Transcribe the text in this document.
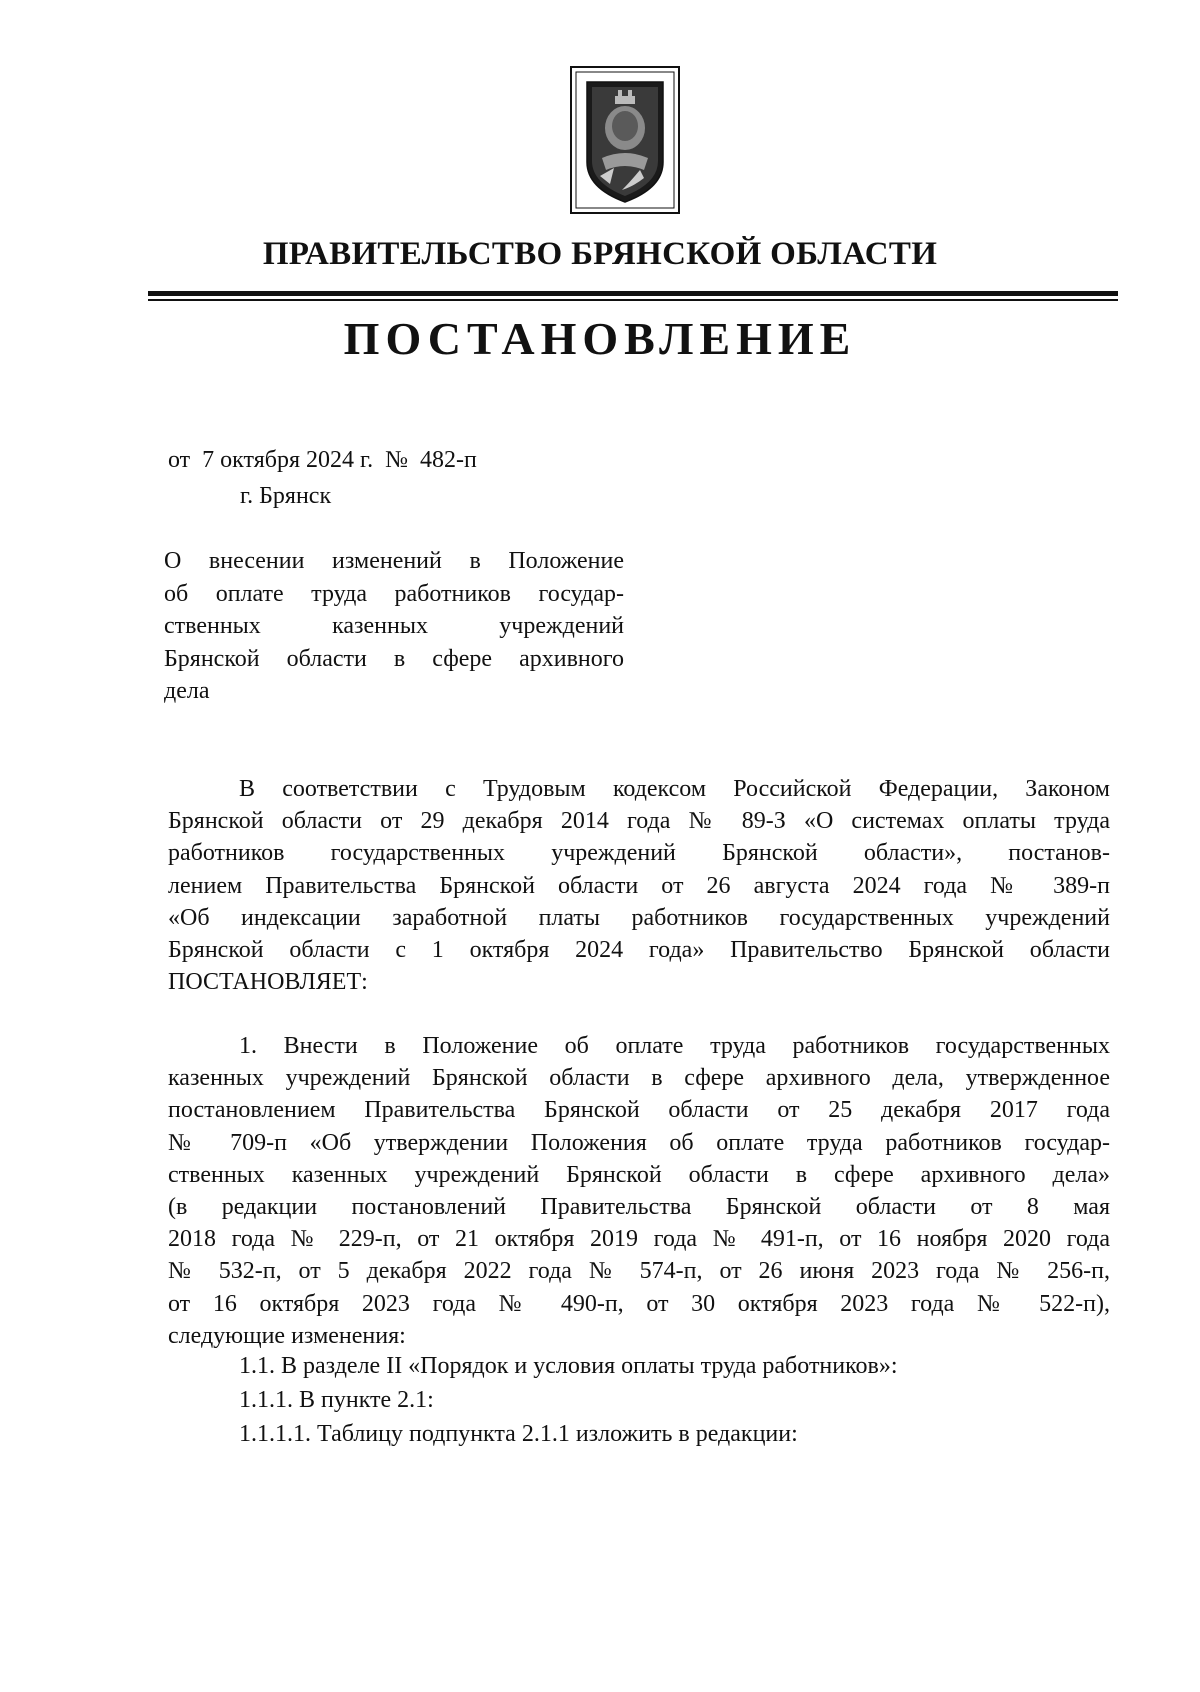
ПРАВИТЕЛЬСТВО БРЯНСКОЙ ОБЛАСТИ
ПОСТАНОВЛЕНИЕ
от  7 октября 2024 г.  №  482-п
г. Брянск
О внесении изменений в Положение
об оплате труда работников государ-
ственных казенных учреждений
Брянской области в сфере архивного
дела
В соответствии с Трудовым кодексом Российской Федерации, Законом
Брянской области от 29 декабря 2014 года № 89-З «О системах оплаты труда
работников государственных учреждений Брянской области», постанов-
лением Правительства Брянской области от 26 августа 2024 года № 389-п
«Об индексации заработной платы работников государственных учреждений
Брянской области с 1 октября 2024 года» Правительство Брянской области
ПОСТАНОВЛЯЕТ:
1. Внести в Положение об оплате труда работников государственных
казенных учреждений Брянской области в сфере архивного дела, утвержденное
постановлением Правительства Брянской области от 25 декабря 2017 года
№ 709-п «Об утверждении Положения об оплате труда работников государ-
ственных казенных учреждений Брянской области в сфере архивного дела»
(в редакции постановлений Правительства Брянской области от 8 мая
2018 года № 229-п, от 21 октября 2019 года № 491-п, от 16 ноября 2020 года
№ 532-п, от 5 декабря 2022 года № 574-п, от 26 июня 2023 года № 256-п,
от 16 октября 2023 года № 490-п, от 30 октября 2023 года № 522-п),
следующие изменения:
1.1. В разделе II «Порядок и условия оплаты труда работников»:
1.1.1. В пункте 2.1:
1.1.1.1. Таблицу подпункта 2.1.1 изложить в редакции:
